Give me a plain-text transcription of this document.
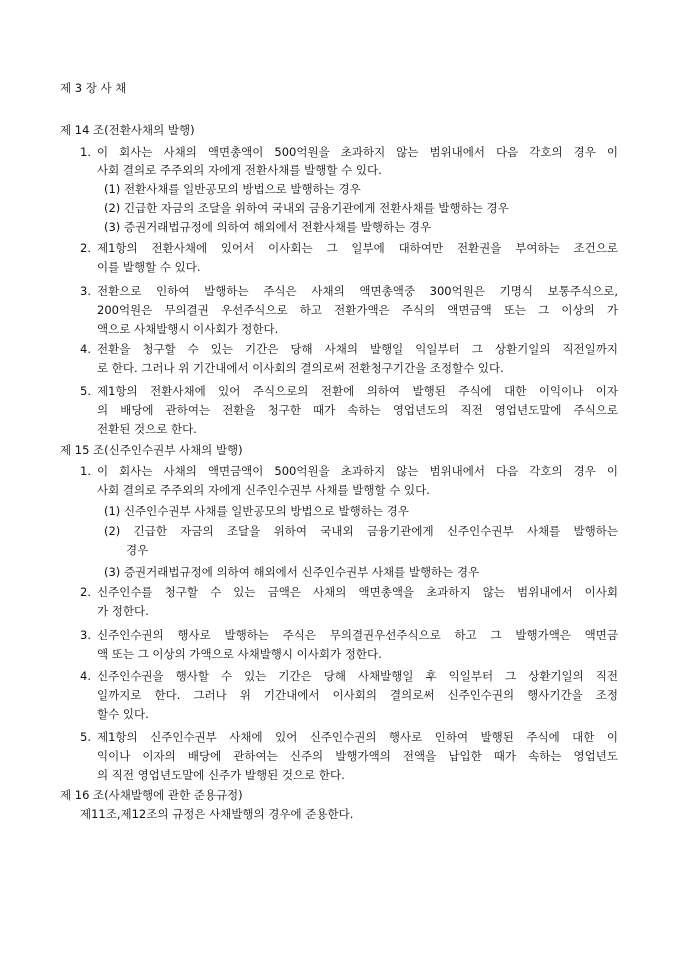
제 3 장 사 채
제 14 조(전환사채의 발행)
1. 이 회사는 사채의 액면총액이 500억원을 초과하지 않는 범위내에서 다음 각호의 경우 이
사회 결의로 주주외의 자에게 전환사채를 발행할 수 있다.
(1) 전환사채를 일반공모의 방법으로 발행하는 경우
(2) 긴급한 자금의 조달을 위하여 국내외 금융기관에게 전환사채를 발행하는 경우
(3) 증권거래법규정에 의하여 해외에서 전환사채를 발행하는 경우
2. 제1항의 전환사채에 있어서 이사회는 그 일부에 대하여만 전환권을 부여하는 조건으로
이를 발행할 수 있다.
3. 전환으로 인하여 발행하는 주식은 사채의 액면총액중 300억원은 기명식 보통주식으로,
200억원은 무의결권 우선주식으로 하고 전환가액은 주식의 액면금액 또는 그 이상의 가
액으로 사채발행시 이사회가 정한다.
4. 전환을 청구할 수 있는 기간은 당해 사채의 발행일 익일부터 그 상환기일의 직전일까지
로 한다. 그러나 위 기간내에서 이사회의 결의로써 전환청구기간을 조정할수 있다.
5. 제1항의 전환사채에 있어 주식으로의 전환에 의하여 발행된 주식에 대한 이익이나 이자
의 배당에 관하여는 전환을 청구한 때가 속하는 영업년도의 직전 영업년도말에 주식으로
전환된 것으로 한다.
제 15 조(신주인수권부 사채의 발행)
1. 이 회사는 사채의 액면금액이 500억원을 초과하지 않는 범위내에서 다음 각호의 경우 이
사회 결의로 주주외의 자에게 신주인수권부 사채를 발행할 수 있다.
(1) 신주인수권부 사채를 일반공모의 방법으로 발행하는 경우
(2) 긴급한 자금의 조달을 위하여 국내외 금융기관에게 신주인수권부 사채를 발행하는
경우
(3) 증권거래법규정에 의하여 해외에서 신주인수권부 사채를 발행하는 경우
2. 신주인수를 청구할 수 있는 금액은 사채의 액면총액을 초과하지 않는 범위내에서 이사회
가 정한다.
3. 신주인수권의 행사로 발행하는 주식은 무의결권우선주식으로 하고 그 발행가액은 액면금
액 또는 그 이상의 가액으로 사채발행시 이사회가 정한다.
4. 신주인수권을 행사할 수 있는 기간은 당해 사채발행일 후 익일부터 그 상환기일의 직전
일까지로 한다. 그러나 위 기간내에서 이사회의 결의로써 신주인수권의 행사기간을 조정
할수 있다.
5. 제1항의 신주인수권부 사채에 있어 신주인수권의 행사로 인하여 발행된 주식에 대한 이
익이나 이자의 배당에 관하여는 신주의 발행가액의 전액을 납입한 때가 속하는 영업년도
의 직전 영업년도말에 신주가 발행된 것으로 한다.
제 16 조(사채발행에 관한 준용규정)
제11조,제12조의 규정은 사채발행의 경우에 준용한다.
